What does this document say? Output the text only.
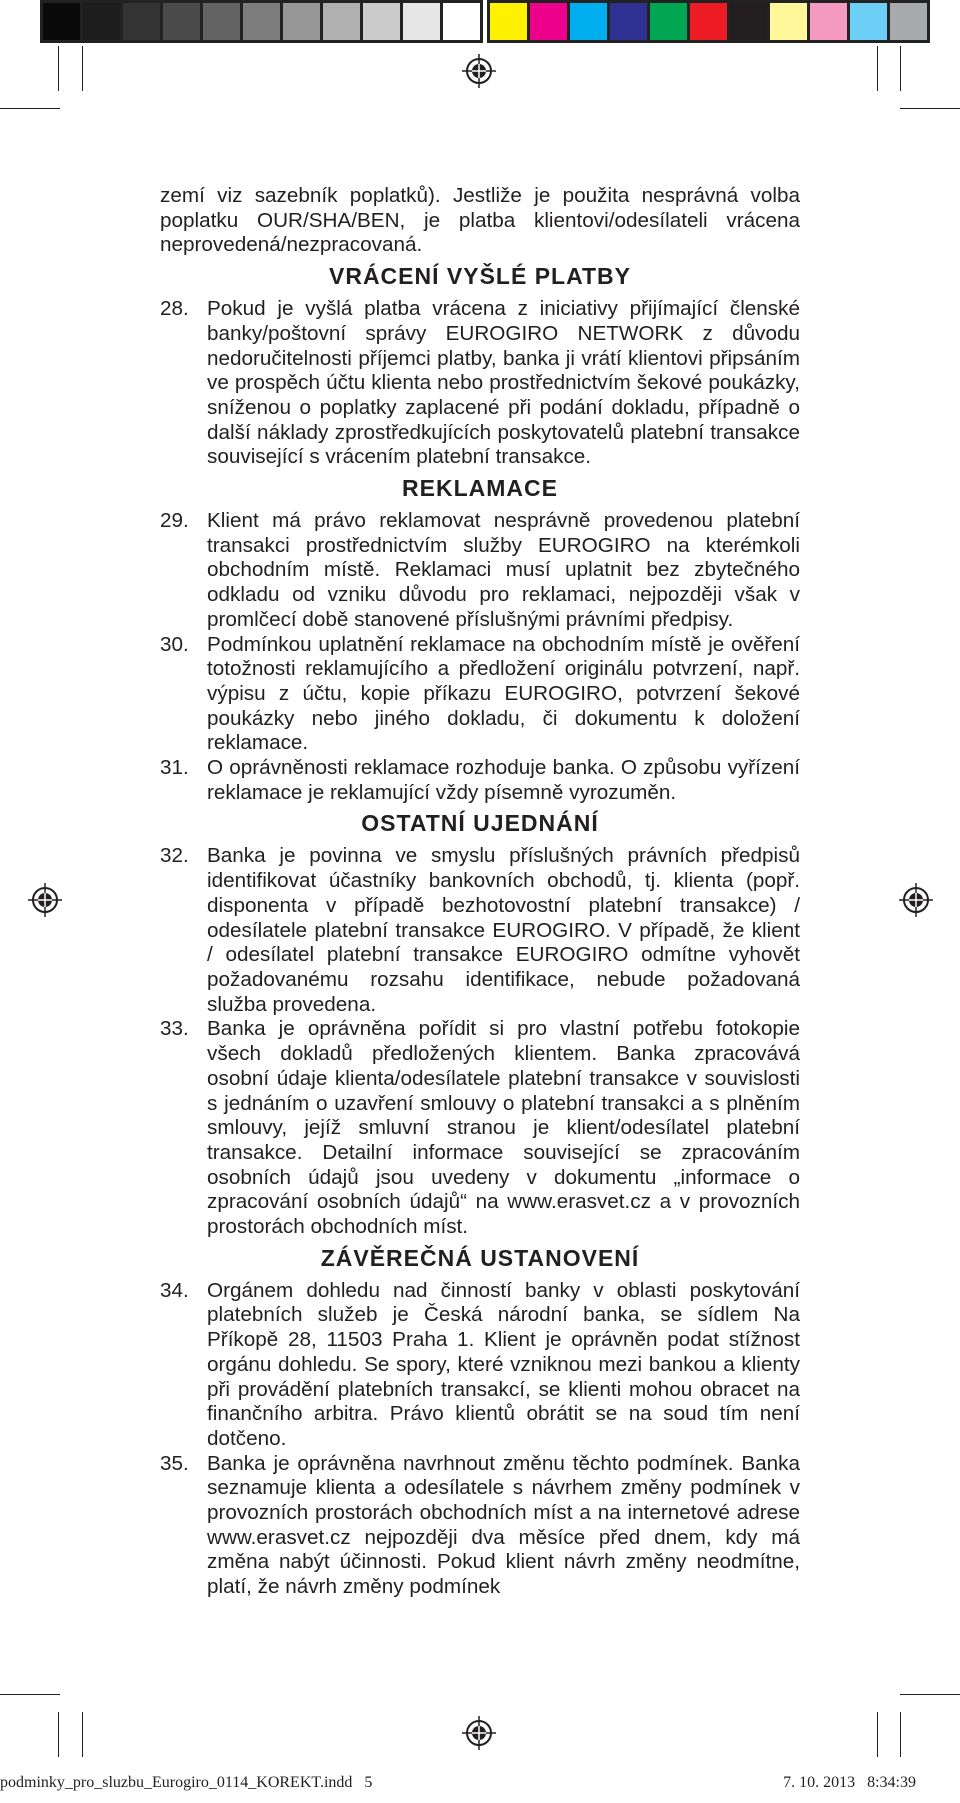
zemí viz sazebník poplatků). Jestliže je použita nesprávná volba poplatku OUR/SHA/BEN, je platba klientovi/odesílateli vrácena neprovedená/nezpracovaná.

VRÁCENÍ VYŠLÉ PLATBY
28. Pokud je vyšlá platba vrácena z iniciativy přijímající členské banky/poštovní správy EUROGIRO NETWORK z důvodu nedoručitelnosti příjemci platby, banka ji vrátí klientovi připsáním ve prospěch účtu klienta nebo prostřednictvím šekové poukázky, sníženou o poplatky zaplacené při podání dokladu, případně o další náklady zprostředkujících poskytovatelů platební transakce související s vrácením platební transakce.

REKLAMACE
29. Klient má právo reklamovat nesprávně provedenou platební transakci prostřednictvím služby EUROGIRO na kterémkoli obchodním místě. Reklamaci musí uplatnit bez zbytečného odkladu od vzniku důvodu pro reklamaci, nejpozději však v promlčecí době stanovené příslušnými právními předpisy.

30. Podmínkou uplatnění reklamace na obchodním místě je ověření totožnosti reklamujícího a předložení originálu potvrzení, např. výpisu z účtu, kopie příkazu EUROGIRO, potvrzení šekové poukázky nebo jiného dokladu, či dokumentu k doložení reklamace.

31. O oprávněnosti reklamace rozhoduje banka. O způsobu vyřízení reklamace je reklamující vždy písemně vyrozuměn.

OSTATNÍ UJEDNÁNÍ
32. Banka je povinna ve smyslu příslušných právních předpisů identifikovat účastníky bankovních obchodů, tj. klienta (popř. disponenta v případě bezhotovostní platební transakce) / odesílatele platební transakce EUROGIRO. V případě, že klient / odesílatel platební transakce EUROGIRO odmítne vyhovět požadovanému rozsahu identifikace, nebude požadovaná služba provedena.

33. Banka je oprávněna pořídit si pro vlastní potřebu fotokopie všech dokladů předložených klientem. Banka zpracovává osobní údaje klienta/odesílatele platební transakce v souvislosti s jednáním o uzavření smlouvy o platební transakci a s plněním smlouvy, jejíž smluvní stranou je klient/odesílatel platební transakce. Detailní informace související se zpracováním osobních údajů jsou uvedeny v dokumentu „informace o zpracování osobních údajů“ na www.erasvet.cz a v provozních prostorách obchodních míst.

ZÁVĚREČNÁ USTANOVENÍ
34. Orgánem dohledu nad činností banky v oblasti poskytování platebních služeb je Česká národní banka, se sídlem Na Příkopě 28, 11503 Praha 1. Klient je oprávněn podat stížnost orgánu dohledu. Se spory, které vzniknou mezi bankou a klienty při provádění platebních transakcí, se klienti mohou obracet na finančního arbitra. Právo klientů obrátit se na soud tím není dotčeno.

35. Banka je oprávněna navrhnout změnu těchto podmínek. Banka seznamuje klienta a odesílatele s návrhem změny podmínek v provozních prostorách obchodních míst a na internetové adrese www.erasvet.cz nejpozději dva měsíce před dnem, kdy má změna nabýt účinnosti. Pokud klient návrh změny neodmítne, platí, že návrh změny podmínek

podminky_pro_sluzbu_Eurogiro_0114_KOREKT.indd   5	7. 10. 2013   8:34:39
